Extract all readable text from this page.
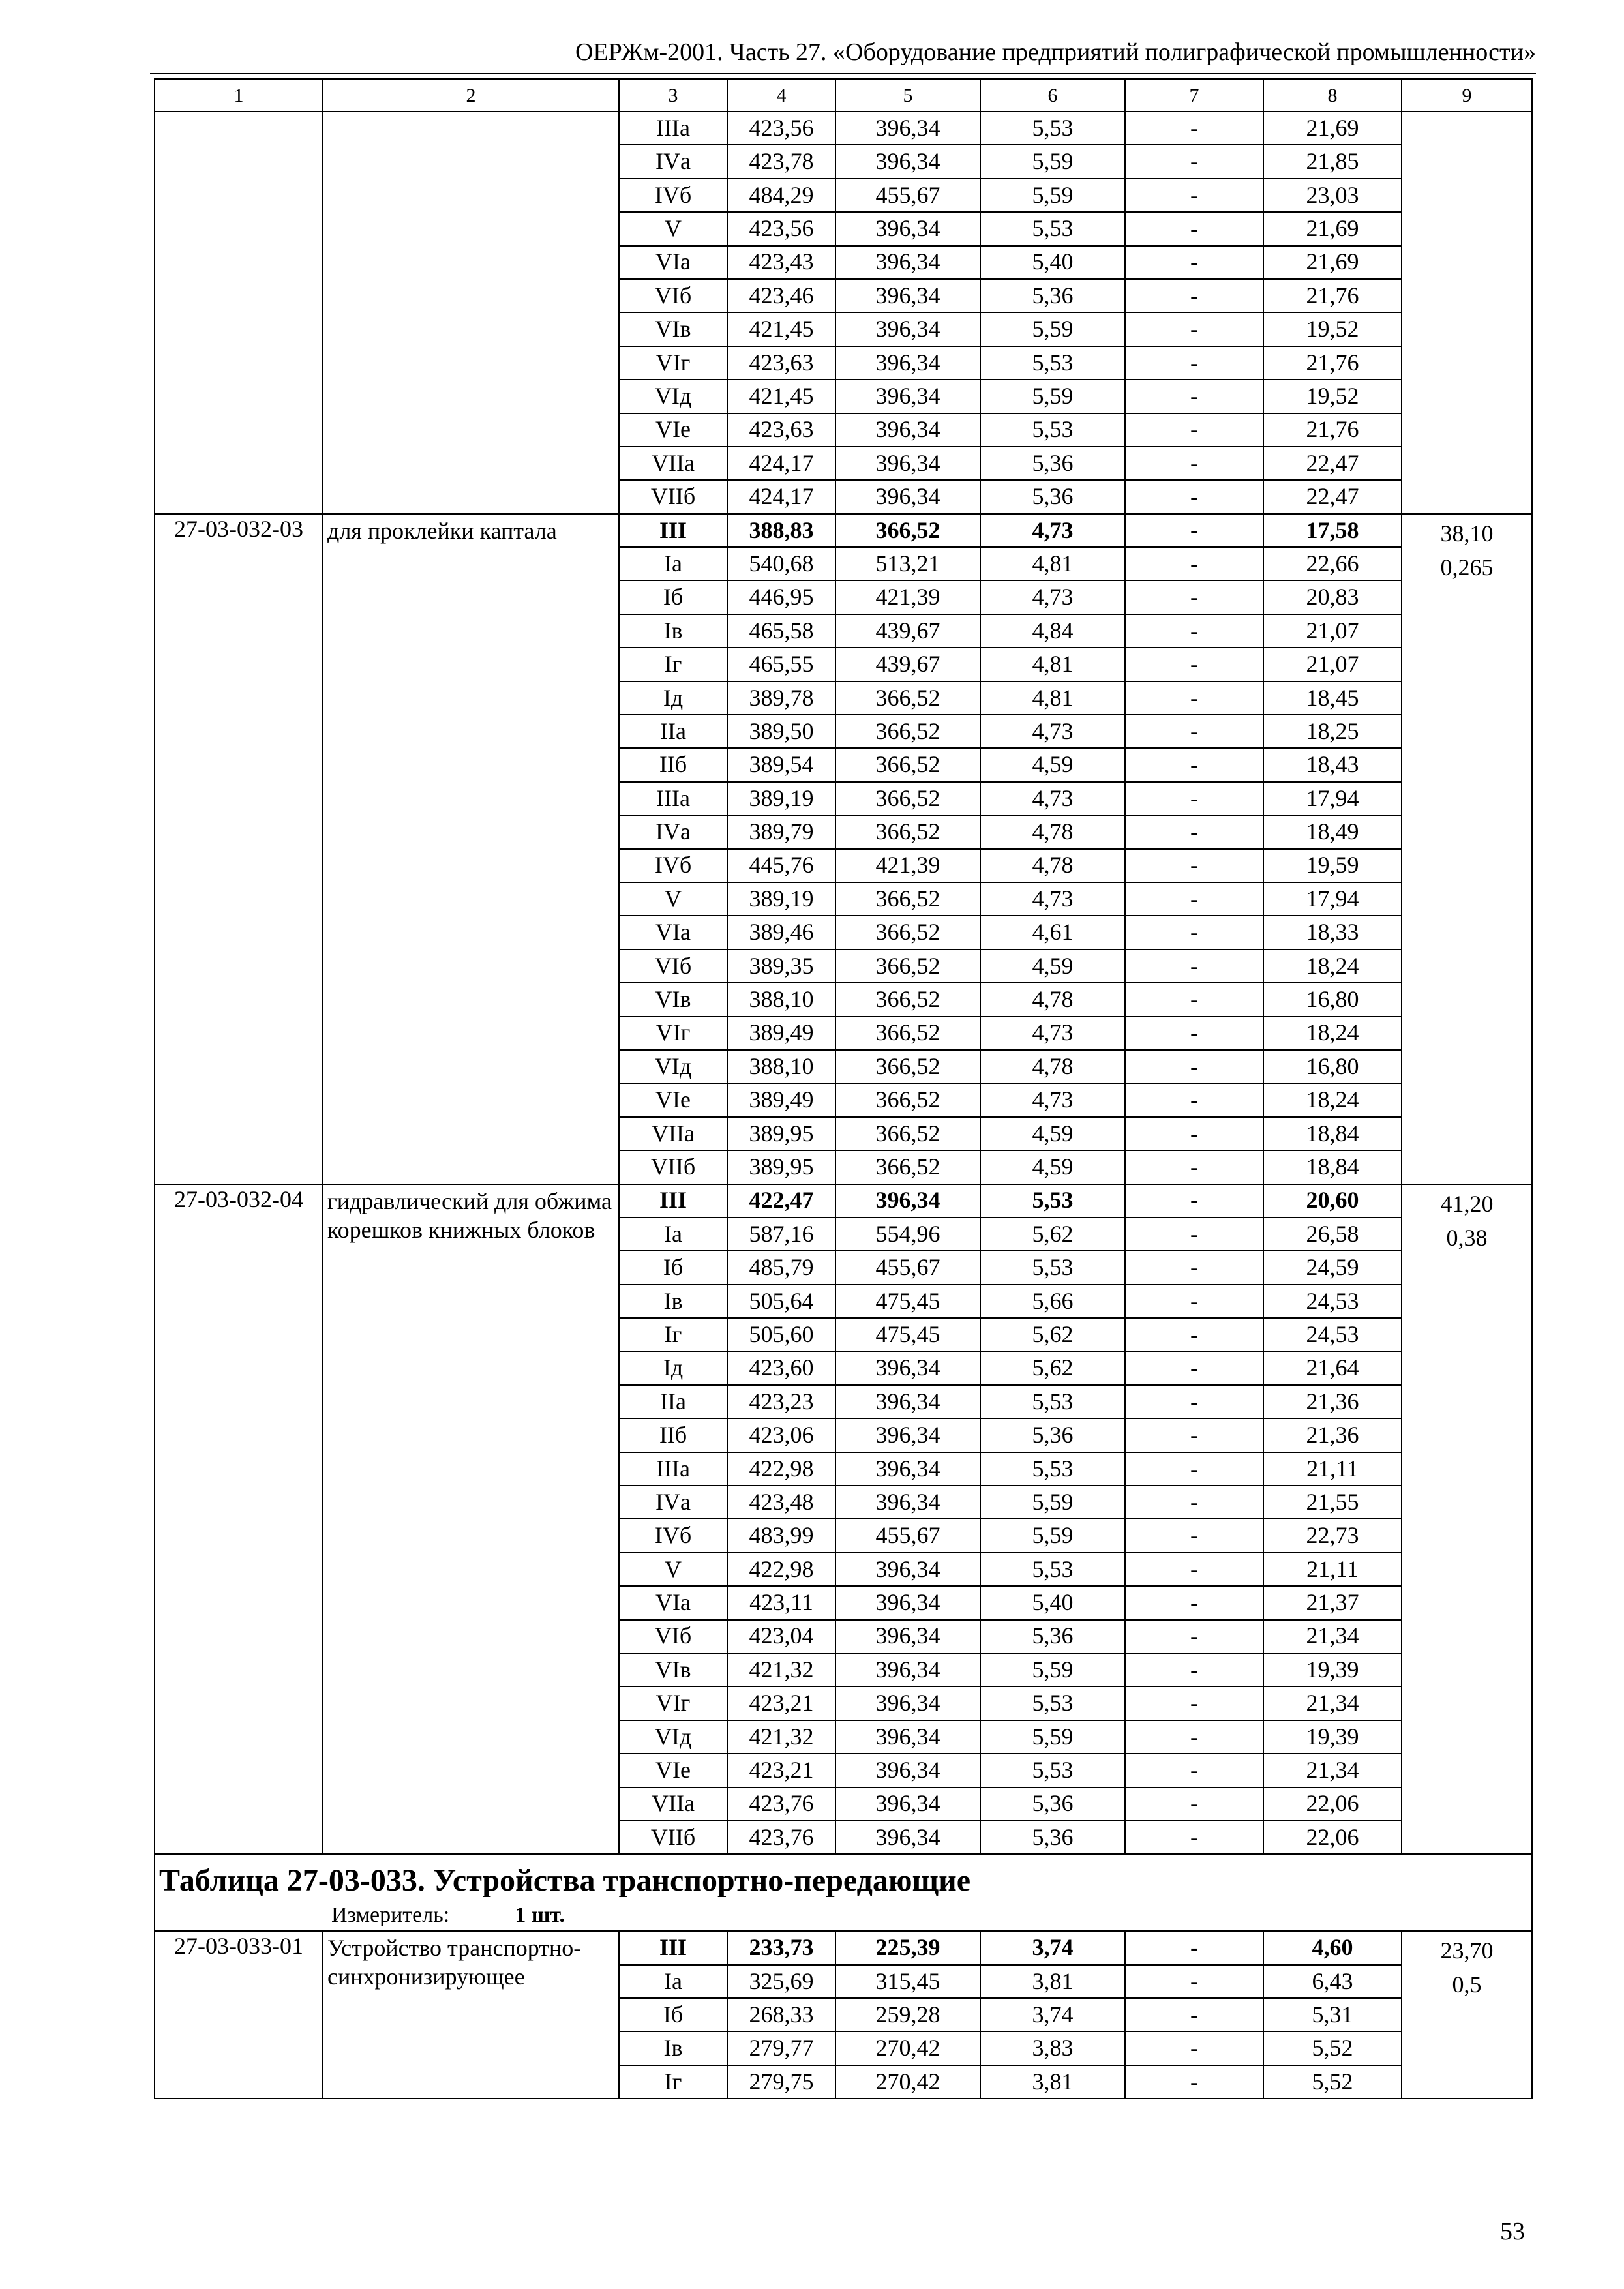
ОЕРЖм-2001. Часть 27. «Оборудование предприятий полиграфической промышленности»
1	2	3	4	5	6	7	8	9
		IIIа	423,56	396,34	5,53	-	21,69	
		IVа	423,78	396,34	5,59	-	21,85	
		IVб	484,29	455,67	5,59	-	23,03	
		V	423,56	396,34	5,53	-	21,69	
		VIа	423,43	396,34	5,40	-	21,69	
		VIб	423,46	396,34	5,36	-	21,76	
		VIв	421,45	396,34	5,59	-	19,52	
		VIг	423,63	396,34	5,53	-	21,76	
		VIд	421,45	396,34	5,59	-	19,52	
		VIе	423,63	396,34	5,53	-	21,76	
		VIIа	424,17	396,34	5,36	-	22,47	
		VIIб	424,17	396,34	5,36	-	22,47	
27-03-032-03	для проклейки каптала	III	388,83	366,52	4,73	-	17,58	38,10
0,265

		Iа	540,68	513,21	4,81	-	22,66	
		Iб	446,95	421,39	4,73	-	20,83	
		Iв	465,58	439,67	4,84	-	21,07	
		Iг	465,55	439,67	4,81	-	21,07	
		Iд	389,78	366,52	4,81	-	18,45	
		IIа	389,50	366,52	4,73	-	18,25	
		IIб	389,54	366,52	4,59	-	18,43	
		IIIа	389,19	366,52	4,73	-	17,94	
		IVа	389,79	366,52	4,78	-	18,49	
		IVб	445,76	421,39	4,78	-	19,59	
		V	389,19	366,52	4,73	-	17,94	
		VIа	389,46	366,52	4,61	-	18,33	
		VIб	389,35	366,52	4,59	-	18,24	
		VIв	388,10	366,52	4,78	-	16,80	
		VIг	389,49	366,52	4,73	-	18,24	
		VIд	388,10	366,52	4,78	-	16,80	
		VIе	389,49	366,52	4,73	-	18,24	
		VIIа	389,95	366,52	4,59	-	18,84	
		VIIб	389,95	366,52	4,59	-	18,84	
27-03-032-04	гидравлический для обжима корешков книжных блоков	III	422,47	396,34	5,53	-	20,60	41,20
0,38

		Iа	587,16	554,96	5,62	-	26,58	
		Iб	485,79	455,67	5,53	-	24,59	
		Iв	505,64	475,45	5,66	-	24,53	
		Iг	505,60	475,45	5,62	-	24,53	
		Iд	423,60	396,34	5,62	-	21,64	
		IIа	423,23	396,34	5,53	-	21,36	
		IIб	423,06	396,34	5,36	-	21,36	
		IIIа	422,98	396,34	5,53	-	21,11	
		IVа	423,48	396,34	5,59	-	21,55	
		IVб	483,99	455,67	5,59	-	22,73	
		V	422,98	396,34	5,53	-	21,11	
		VIа	423,11	396,34	5,40	-	21,37	
		VIб	423,04	396,34	5,36	-	21,34	
		VIв	421,32	396,34	5,59	-	19,39	
		VIг	423,21	396,34	5,53	-	21,34	
		VIд	421,32	396,34	5,59	-	19,39	
		VIе	423,21	396,34	5,53	-	21,34	
		VIIа	423,76	396,34	5,36	-	22,06	
		VIIб	423,76	396,34	5,36	-	22,06	

Таблица 27-03-033. Устройства транспортно-передающие
Измеритель: 1 шт.								

27-03-033-01	Устройство транспортно-синхронизирующее	III	233,73	225,39	3,74	-	4,60	23,70
0,5

		Iа	325,69	315,45	3,81	-	6,43	
		Iб	268,33	259,28	3,74	-	5,31	
		Iв	279,77	270,42	3,83	-	5,52	
		Iг	279,75	270,42	3,81	-	5,52	
53
